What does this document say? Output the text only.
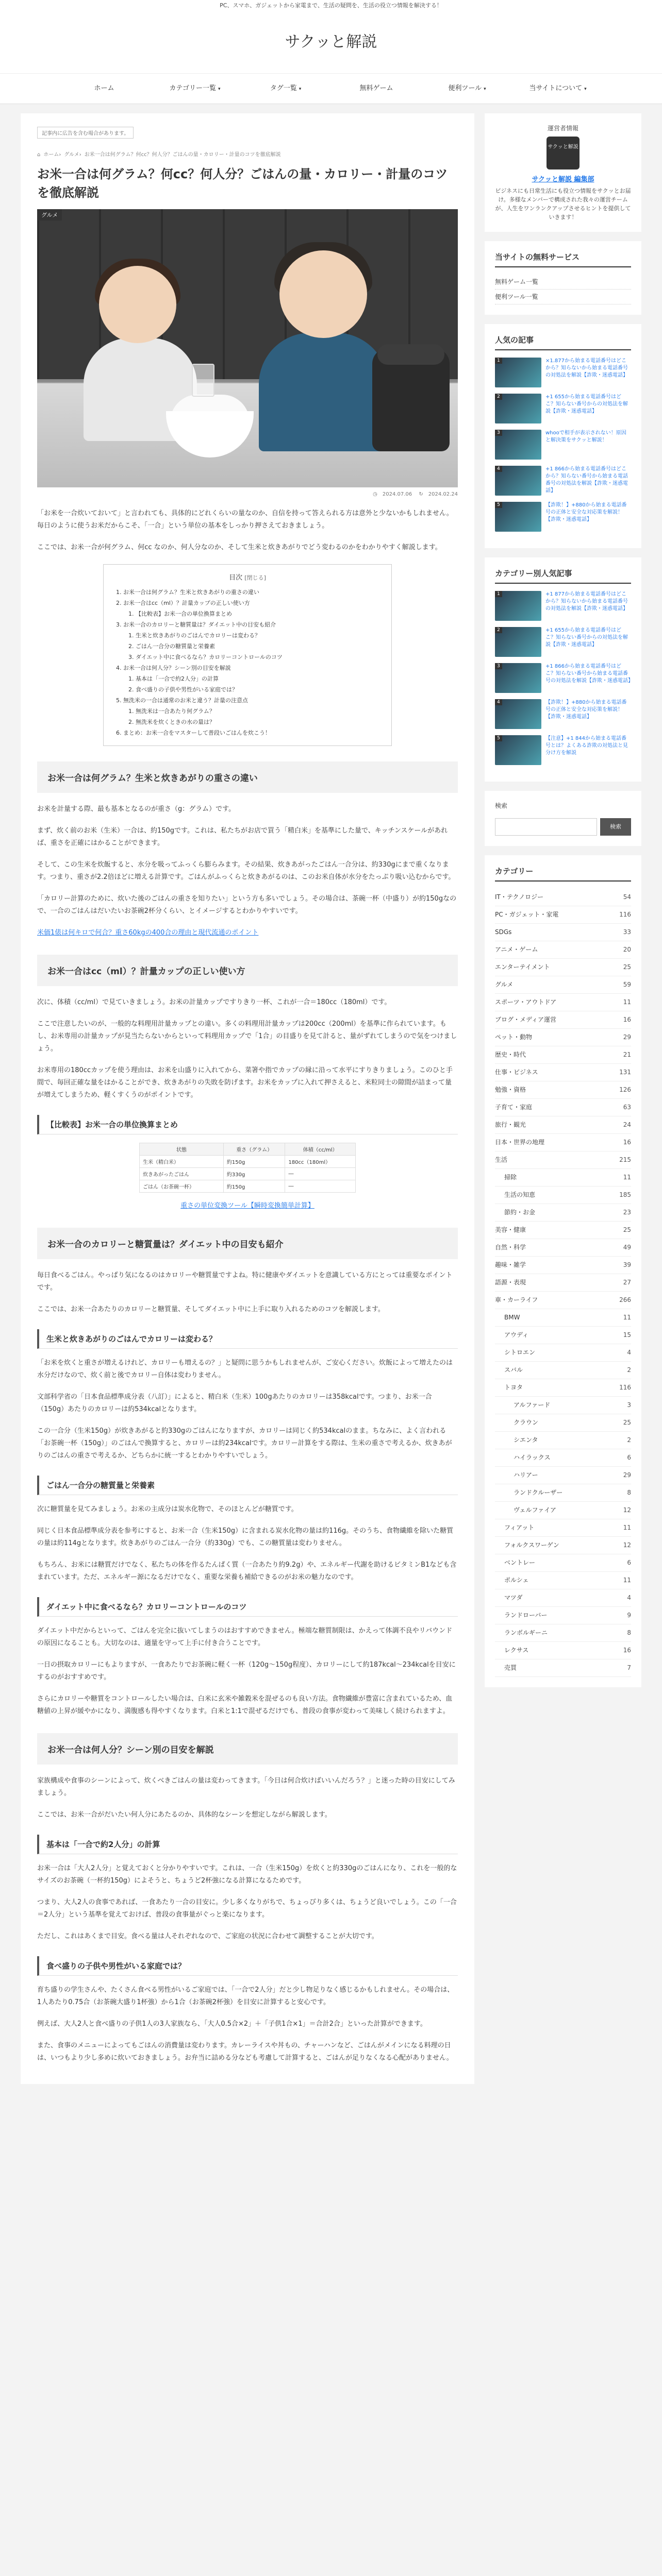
PC、スマホ、ガジェットから家電まで、生活の疑問を、生活の役立つ情報を解決する！
サクッと解説
ホーム	カテゴリー一覧 ▾	タグ一覧 ▾	無料ゲーム	便利ツール ▾	当サイトについて ▾
記事内に広告を含む場合があります。
⌂ ホーム› グルメ› お米一合は何グラム？何cc？何人分？ごはんの量・カロリー・計量のコツを徹底解説
お米一合は何グラム？何cc？何人分？ごはんの量・カロリー・計量のコツを徹底解説
グルメ
◷ 2024.07.06 ↻ 2024.02.24

「お米を一合炊いておいて」と言われても、具体的にどれくらいの量なのか、自信を持って答えられる方は意外と少ないかもしれません。毎日のように使うお米だからこそ、「一合」という単位の基本をしっかり押さえておきましょう。

ここでは、お米一合が何グラム、何cc なのか、何人分なのか、そして生米と炊きあがりでどう変わるのかをわかりやすく解説します。

目次 [閉じる]
1. お米一合は何グラム？生米と炊きあがりの重さの違い
2. お米一合はcc（ml）？計量カップの正しい使い方
1. 【比較表】お米一合の単位換算まとめ
3. お米一合のカロリーと糖質量は？ダイエット中の目安も紹介
1. 生米と炊きあがりのごはんでカロリーは変わる？
2. ごはん一合分の糖質量と栄養素
3. ダイエット中に食べるなら？カロリーコントロールのコツ
4. お米一合は何人分？シーン別の目安を解説
1. 基本は「一合で約2人分」の計算
2. 食べ盛りの子供や男性がいる家庭では？
5. 無洗米の一合は通常のお米と違う？計量の注意点
1. 無洗米は一合あたり何グラム？
2. 無洗米を炊くときの水の量は？
6. まとめ：お米一合をマスターして普段いごはんを炊こう！
お米一合は何グラム？生米と炊きあがりの重さの違い

お米を計量する際、最も基本となるのが重さ（g：グラム）です。

まず、炊く前のお米（生米）一合は、約150gです。これは、私たちがお店で買う「精白米」を基準にした量で、キッチンスケールがあれば、重さを正確にはかることができます。

そして、この生米を炊飯すると、水分を吸ってふっくら膨らみます。その結果、炊きあがったごはん一合分は、約330gにまで重くなります。つまり、重さが2.2倍ほどに増える計算です。ごはんがふっくらと炊きあがるのは、このお米自体が水分をたっぷり吸い込むからです。

「カロリー計算のために、炊いた後のごはんの重さを知りたい」という方も多いでしょう。その場合は、茶碗一杯（中盛り）が約150gなので、一合のごはんはだいたいお茶碗2杯分くらい、とイメージするとわかりやすいです。

米価1俵は何キロで何合？重さ60kgの400合の理由と現代流通のポイント
お米一合はcc（ml）？計量カップの正しい使い方

次に、体積（cc/ml）で見ていきましょう。お米の計量カップですりきり一杯、これが一合＝180cc（180ml）です。

ここで注意したいのが、一般的な料理用計量カップとの違い。多くの料理用計量カップは200cc（200ml）を基準に作られています。もし、お米専用の計量カップが見当たらないからといって料理用カップで「1合」の目盛りを見て計ると、量がずれてしまうので気をつけましょう。

お米専用の180ccカップを使う理由は、お米を山盛りに入れてから、菜箸や指でカップの縁に沿って水平にすりきりましょう。このひと手間で、毎回正確な量をはかることができ、炊きあがりの失敗を防げます。お米をカップに入れて押さえると、米粒同士の隙間が詰まって量が増えてしまうため、軽くすくうのがポイントです。

【比較表】お米一合の単位換算まとめ
状態	重さ（グラム）	体積（cc/ml）
生米（精白米）	約150g	180cc（180ml）
炊きあがったごはん	約330g	―
ごはん（お茶碗一杯）	約150g	―
重さの単位変換ツール【瞬時変換簡単計算】
お米一合のカロリーと糖質量は？ダイエット中の目安も紹介

毎日食べるごはん。やっぱり気になるのはカロリーや糖質量ですよね。特に健康やダイエットを意識している方にとっては重要なポイントです。

ここでは、お米一合あたりのカロリーと糖質量、そしてダイエット中に上手に取り入れるためのコツを解説します。

生米と炊きあがりのごはんでカロリーは変わる？

「お米を炊くと重さが増えるけれど、カロリーも増えるの？」と疑問に思うかもしれませんが、ご安心ください。炊飯によって増えたのは水分だけなので、炊く前と後でカロリー自体は変わりません。

文部科学省の「日本食品標準成分表（八訂）」によると、精白米（生米）100gあたりのカロリーは358kcalです。つまり、お米一合（150g）あたりのカロリーは約534kcalとなります。

この一合分（生米150g）が炊きあがると約330gのごはんになりますが、カロリーは同じく約534kcalのまま。ちなみに、よく言われる「お茶碗一杯（150g）」のごはんで換算すると、カロリーは約234kcalです。カロリー計算をする際は、生米の重さで考えるか、炊きあがりのごはんの重さで考えるか、どちらかに統一するとわかりやすいでしょう。

ごはん一合分の糖質量と栄養素

次に糖質量を見てみましょう。お米の主成分は炭水化物で、そのほとんどが糖質です。

同じく日本食品標準成分表を参考にすると、お米一合（生米150g）に含まれる炭水化物の量は約116g。そのうち、食物繊維を除いた糖質の量は約114gとなります。炊きあがりのごはん一合分（約330g）でも、この糖質量は変わりません。

もちろん、お米には糖質だけでなく、私たちの体を作るたんぱく質（一合あたり約9.2g）や、エネルギー代謝を助けるビタミンB1なども含まれています。ただ、エネルギー源になるだけでなく、重要な栄養も補給できるのがお米の魅力なのです。

ダイエット中に食べるなら？カロリーコントロールのコツ

ダイエット中だからといって、ごはんを完全に抜いてしまうのはおすすめできません。極端な糖質制限は、かえって体調不良やリバウンドの原因になることも。大切なのは、適量を守って上手に付き合うことです。

一日の摂取カロリーにもよりますが、一食あたりでお茶碗に軽く一杯（120g～150g程度）、カロリーにして約187kcal～234kcalを目安にするのがおすすめです。

さらにカロリーや糖質をコントロールしたい場合は、白米に玄米や雑穀米を混ぜるのも良い方法。食物繊維が豊富に含まれているため、血糖値の上昇が緩やかになり、満腹感も得やすくなります。白米と1:1で混ぜるだけでも、普段の食事が変わって美味しく続けられますよ。

お米一合は何人分？シーン別の目安を解説

家族構成や食事のシーンによって、炊くべきごはんの量は変わってきます。「今日は何合炊けばいいんだろう？」と迷った時の目安にしてみましょう。

ここでは、お米一合がだいたい何人分にあたるのか、具体的なシーンを想定しながら解説します。

基本は「一合で約2人分」の計算

お米一合は「大人2人分」と覚えておくと分かりやすいです。これは、一合（生米150g）を炊くと約330gのごはんになり、これを一般的なサイズのお茶碗（一杯約150g）によそうと、ちょうど2杯強になる計算になるためです。

つまり、大人2人の食事であれば、一食あたり一合の目安に。少し多くなりがちで、ちょっぴり多くは、ちょうど良いでしょう。この「一合＝2人分」という基準を覚えておけば、普段の食事量がぐっと楽になります。

ただし、これはあくまで目安。食べる量は人それぞれなので、ご家庭の状況に合わせて調整することが大切です。

食べ盛りの子供や男性がいる家庭では？

育ち盛りの学生さんや、たくさん食べる男性がいるご家庭では、「一合で2人分」だと少し物足りなく感じるかもしれません。その場合は、1人あたり0.75合（お茶碗大盛り1杯強）から1合（お茶碗2杯強）を目安に計算すると安心です。

例えば、大人2人と食べ盛りの子供1人の3人家族なら、「大人0.5合×2」＋「子供1合×1」＝合計2合」といった計算ができます。

また、食事のメニューによってもごはんの消費量は変わります。カレーライスや丼もの、チャーハンなど、ごはんがメインになる料理の日は、いつもより少し多めに炊いておきましょう。お弁当に詰める分なども考慮して計算すると、ごはんが足りなくなる心配がありません。

運営者情報
サクッと解説
サクッと解説 編集部
ビジネスにも日常生活にも役立つ情報をサクッとお届け。多様なメンバーで構成された我々の運営チームが、人生をワンランクアップさせるヒントを提供していきます！
当サイトの無料サービス
無料ゲーム一覧
便利ツール一覧
人気の記事
1	×1.877から始まる電話番号はどこから？知らないから始まる電話番号の対処法を解説【詐欺・迷惑電話】
2	+1 655から始まる電話番号はどこ？知らない番号からの対処法を解説【詐欺・迷惑電話】
3	whooで相手が表示されない！原因と解決策をサクッと解説！
4	+1 866から始まる電話番号はどこから？知らない番号から始まる電話番号の対処法を解説【詐欺・迷惑電話】
5	【詐欺！】+880から始まる電話番号の正体と安全な対応策を解説！【詐欺・迷惑電話】
カテゴリー別人気記事
1	+1 877から始まる電話番号はどこから？知らないから始まる電話番号の対処法を解説【詐欺・迷惑電話】
2	+1 655から始まる電話番号はどこ？知らない番号からの対処法を解説【詐欺・迷惑電話】
3	+1 866から始まる電話番号はどこ？知らない番号から始まる電話番号の対処法を解説【詐欺・迷惑電話】
4	【詐欺！】+880から始まる電話番号の正体と安全な対応策を解説！【詐欺・迷惑電話】
5	【注意】+1 844から始まる電話番号とは？よくある詐欺の対処法と見分け方を解説
検索
検索
カテゴリー
IT・テクノロジー	54
PC・ガジェット・家電	116
SDGs	33
アニメ・ゲーム	20
エンターテイメント	25
グルメ	59
スポーツ・アウトドア	11
ブログ・メディア運営	16
ペット・動物	29
歴史・時代	21
仕事・ビジネス	131
勉強・資格	126
子育て・家庭	63
旅行・観光	24
日本・世界の地理	16
生活	215
掃除	11
生活の知恵	185
節約・お金	23
美容・健康	25
自然・科学	49
趣味・雑学	39
語源・表現	27
車・カーライフ	266
BMW	11
アウディ	15
シトロエン	4
スバル	2
トヨタ	116
アルファード	3
クラウン	25
シエンタ	2
ハイラックス	6
ハリアー	29
ランドクルーザー	8
ヴェルファイア	12
フィアット	11
フォルクスワーゲン	12
ベントレー	6
ポルシェ	11
マツダ	4
ランドローバー	9
ランボルギーニ	8
レクサス	16
売買	7
